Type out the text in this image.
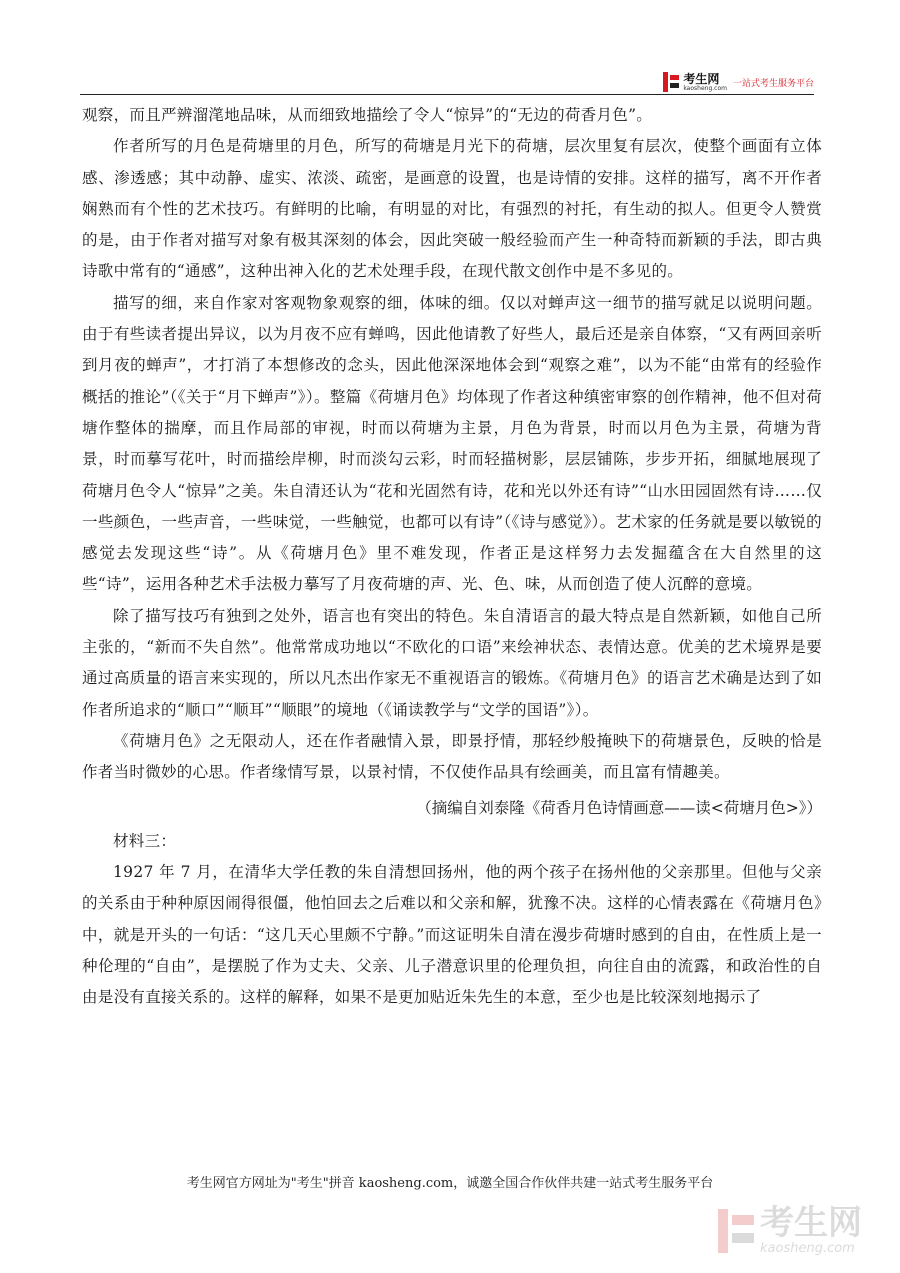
考生网
kaosheng.com 一站式考生服务平台

观察，而且严辨溜滗地品味，从而细致地描绘了令人“惊异”的“无边的荷香月色”。

作者所写的月色是荷塘里的月色，所写的荷塘是月光下的荷塘，层次里复有层次，使整个画面有立体感、渗透感；其中动静、虚实、浓淡、疏密，是画意的设置，也是诗情的安排。这样的描写，离不开作者娴熟而有个性的艺术技巧。有鲜明的比喻，有明显的对比，有强烈的衬托，有生动的拟人。但更令人赞赏的是，由于作者对描写对象有极其深刻的体会，因此突破一般经验而产生一种奇特而新颖的手法，即古典诗歌中常有的“通感”，这种出神入化的艺术处理手段，在现代散文创作中是不多见的。

描写的细，来自作家对客观物象观察的细，体味的细。仅以对蝉声这一细节的描写就足以说明问题。由于有些读者提出异议，以为月夜不应有蝉鸣，因此他请教了好些人，最后还是亲自体察，“又有两回亲听到月夜的蝉声”，才打消了本想修改的念头，因此他深深地体会到“观察之难”，以为不能“由常有的经验作概括的推论”（《关于“月下蝉声”》）。整篇《荷塘月色》均体现了作者这种缜密审察的创作精神，他不但对荷塘作整体的揣摩，而且作局部的审视，时而以荷塘为主景，月色为背景，时而以月色为主景，荷塘为背景，时而摹写花叶，时而描绘岸柳，时而淡勾云彩，时而轻描树影，层层铺陈，步步开拓，细腻地展现了荷塘月色令人“惊异”之美。朱自清还认为“花和光固然有诗，花和光以外还有诗”“山水田园固然有诗……仅一些颜色，一些声音，一些味觉，一些触觉，也都可以有诗”（《诗与感觉》）。艺术家的任务就是要以敏锐的感觉去发现这些“诗”。从《荷塘月色》里不难发现，作者正是这样努力去发掘蕴含在大自然里的这些“诗”，运用各种艺术手法极力摹写了月夜荷塘的声、光、色、味，从而创造了使人沉醉的意境。

除了描写技巧有独到之处外，语言也有突出的特色。朱自清语言的最大特点是自然新颖，如他自己所主张的，“新而不失自然”。他常常成功地以“不欧化的口语”来绘神状态、表情达意。优美的艺术境界是要通过高质量的语言来实现的，所以凡杰出作家无不重视语言的锻炼。《荷塘月色》的语言艺术确是达到了如作者所追求的“顺口”“顺耳”“顺眼”的境地（《诵读教学与“文学的国语”》）。

《荷塘月色》之无限动人，还在作者融情入景，即景抒情，那轻纱般掩映下的荷塘景色，反映的恰是作者当时微妙的心思。作者缘情写景，以景衬情，不仅使作品具有绘画美，而且富有情趣美。

（摘编自刘泰隆《荷香月色诗情画意——读<荷塘月色>》）

材料三：

1927 年 7 月，在清华大学任教的朱自清想回扬州，他的两个孩子在扬州他的父亲那里。但他与父亲的关系由于种种原因闹得很僵，他怕回去之后难以和父亲和解，犹豫不决。这样的心情表露在《荷塘月色》中，就是开头的一句话：“这几天心里颇不宁静。”而这证明朱自清在漫步荷塘时感到的自由，在性质上是一种伦理的“自由”，是摆脱了作为丈夫、父亲、儿子潜意识里的伦理负担，向往自由的流露，和政治性的自由是没有直接关系的。这样的解释，如果不是更加贴近朱先生的本意，至少也是比较深刻地揭示了

考生网官方网址为"考生"拼音 kaosheng.com，诚邀全国合作伙伴共建一站式考生服务平台
考生网
kaosheng.com
